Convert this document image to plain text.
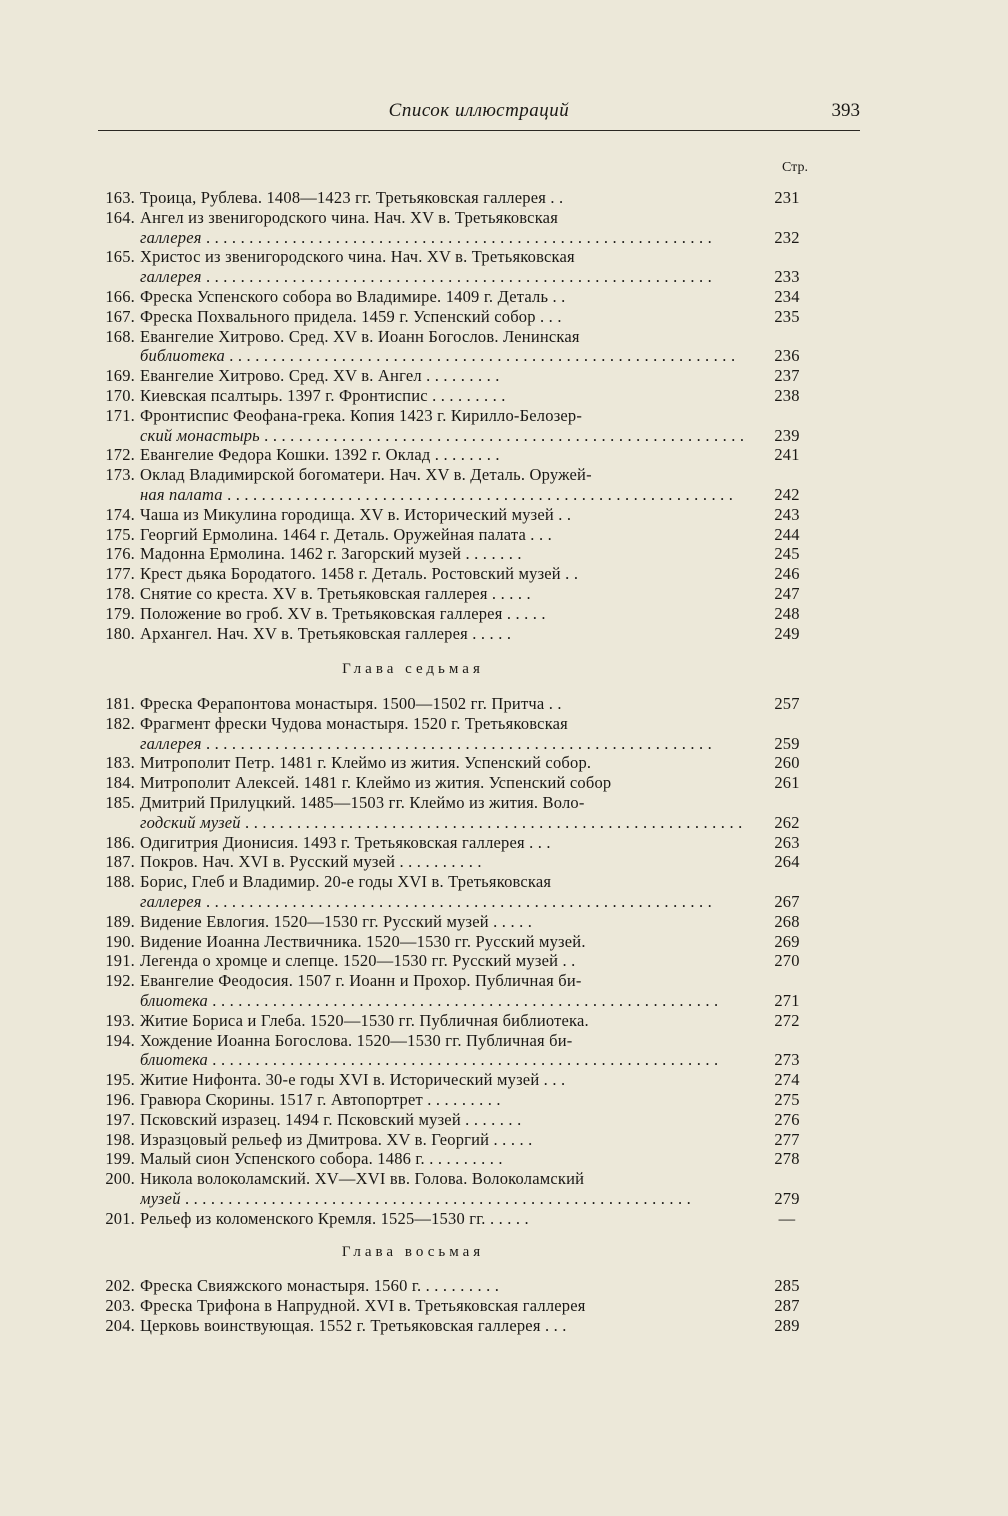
Список иллюстраций	393
Стр.
163. Троица, Рублева. 1408—1423 гг. Третьяковская галлерея . .	231
164. Ангел из звенигородского чина. Нач. XV в. Третьяковская
галлерея . . .	232
165. Христос из звенигородского чина. Нач. XV в. Третьяковская
галлерея . . .	233
166. Фреска Успенского собора во Владимире. 1409 г. Деталь . .	234
167. Фреска Похвального придела. 1459 г. Успенский собор . . .	235
168. Евангелие Хитрово. Сред. XV в. Иоанн Богослов. Ленинская
библиотека . . .	236
169. Евангелие Хитрово. Сред. XV в. Ангел . . . . . . . . .	237
170. Киевская псалтырь. 1397 г. Фронтиспис . . . . . . . . .	238
171. Фронтиспис Феофана-грека. Копия 1423 г. Кирилло-Белозер-
ский монастырь . . .	239
172. Евангелие Федора Кошки. 1392 г. Оклад . . . . . . . .	241
173. Оклад Владимирской богоматери. Нач. XV в. Деталь. Оружей-
ная палата . . .	242
174. Чаша из Микулина городища. XV в. Исторический музей . .	243
175. Георгий Ермолина. 1464 г. Деталь. Оружейная палата . . .	244
176. Мадонна Ермолина. 1462 г. Загорский музей . . . . . . .	245
177. Крест дьяка Бородатого. 1458 г. Деталь. Ростовский музей . .	246
178. Снятие со креста. XV в. Третьяковская галлерея . . . . .	247
179. Положение во гроб. XV в. Третьяковская галлерея . . . . .	248
180. Архангел. Нач. XV в. Третьяковская галлерея . . . . .	249
Глава седьмая
181. Фреска Ферапонтова монастыря. 1500—1502 гг. Притча . .	257
182. Фрагмент фрески Чудова монастыря. 1520 г. Третьяковская
галлерея . . .	259
183. Митрополит Петр. 1481 г. Клеймо из жития. Успенский собор.	260
184. Митрополит Алексей. 1481 г. Клеймо из жития. Успенский собор	261
185. Дмитрий Прилуцкий. 1485—1503 гг. Клеймо из жития. Воло-
годский музей . . .	262
186. Одигитрия Дионисия. 1493 г. Третьяковская галлерея . . .	263
187. Покров. Нач. XVI в. Русский музей . . . . . . . . . .	264
188. Борис, Глеб и Владимир. 20-е годы XVI в. Третьяковская
галлерея . . .	267
189. Видение Евлогия. 1520—1530 гг. Русский музей . . . . .	268
190. Видение Иоанна Лествичника. 1520—1530 гг. Русский музей.	269
191. Легенда о хромце и слепце. 1520—1530 гг. Русский музей . .	270
192. Евангелие Феодосия. 1507 г. Иоанн и Прохор. Публичная би-
блиотека . . .	271
193. Житие Бориса и Глеба. 1520—1530 гг. Публичная библиотека.	272
194. Хождение Иоанна Богослова. 1520—1530 гг. Публичная би-
блиотека . . .	273
195. Житие Нифонта. 30-е годы XVI в. Исторический музей . . .	274
196. Гравюра Скорины. 1517 г. Автопортрет . . . . . . . . .	275
197. Псковский изразец. 1494 г. Псковский музей . . . . . . .	276
198. Изразцовый рельеф из Дмитрова. XV в. Георгий . . . . .	277
199. Малый сион Успенского собора. 1486 г. . . . . . . . . .	278
200. Никола волоколамский. XV—XVI вв. Голова. Волоколамский
музей . . .	279
201. Рельеф из коломенского Кремля. 1525—1530 гг. . . . . .	—
Глава восьмая
202. Фреска Свияжского монастыря. 1560 г. . . . . . . . . .	285
203. Фреска Трифона в Напрудной. XVI в. Третьяковская галлерея	287
204. Церковь воинствующая. 1552 г. Третьяковская галлерея . . .	289
